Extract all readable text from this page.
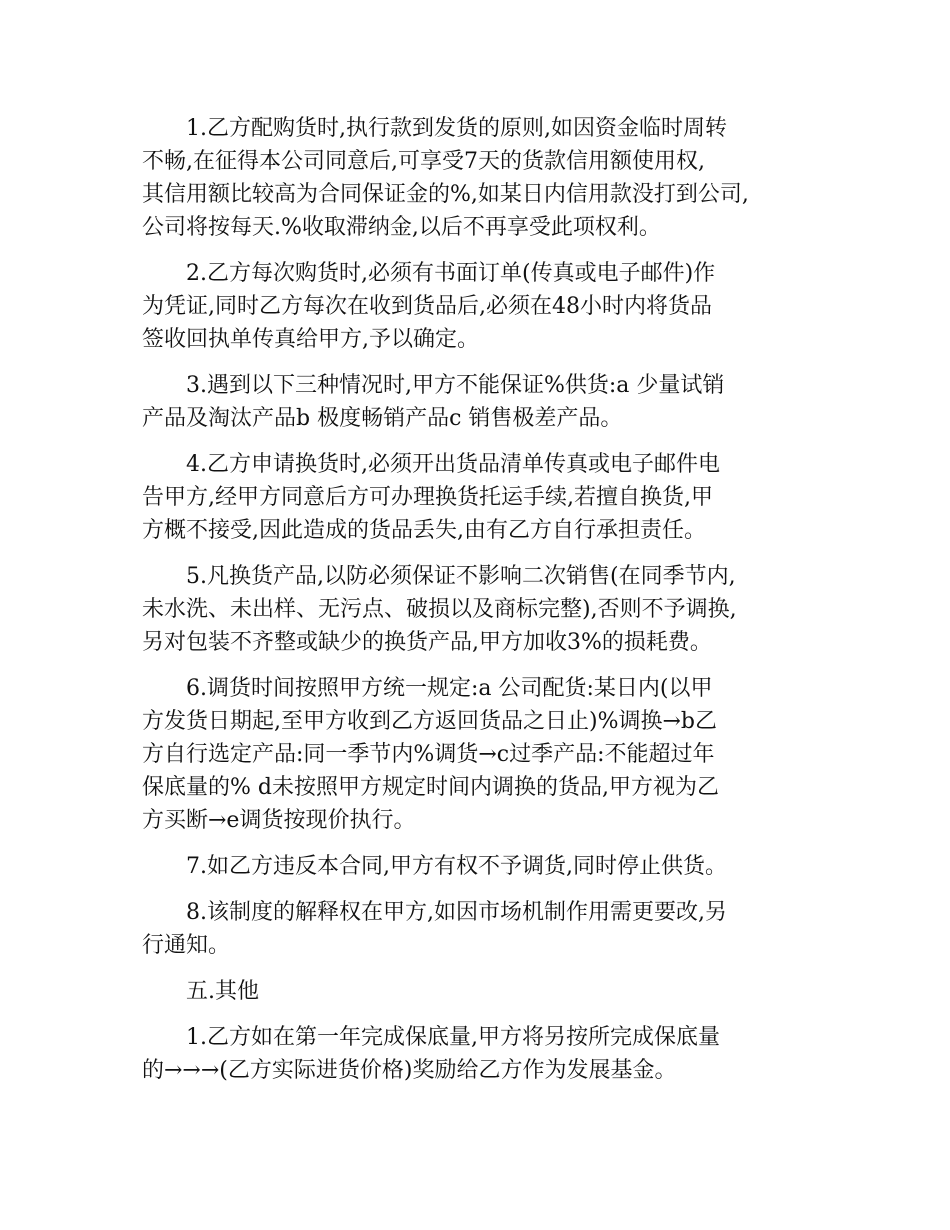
1.乙方配购货时,执行款到发货的原则,如因资金临时周转
不畅,在征得本公司同意后,可享受7天的货款信用额使用权,
其信用额比较高为合同保证金的%,如某日内信用款没打到公司,
公司将按每天.%收取滞纳金,以后不再享受此项权利。
2.乙方每次购货时,必须有书面订单(传真或电子邮件)作
为凭证,同时乙方每次在收到货品后,必须在48小时内将货品
签收回执单传真给甲方,予以确定。
3.遇到以下三种情况时,甲方不能保证%供货:a 少量试销
产品及淘汰产品b 极度畅销产品c 销售极差产品。
4.乙方申请换货时,必须开出货品清单传真或电子邮件电
告甲方,经甲方同意后方可办理换货托运手续,若擅自换货,甲
方概不接受,因此造成的货品丢失,由有乙方自行承担责任。
5.凡换货产品,以防必须保证不影响二次销售(在同季节内,
未水洗、未出样、无污点、破损以及商标完整),否则不予调换,
另对包装不齐整或缺少的换货产品,甲方加收3%的损耗费。
6.调货时间按照甲方统一规定:a 公司配货:某日内(以甲
方发货日期起,至甲方收到乙方返回货品之日止)%调换→b乙
方自行选定产品:同一季节内%调货→c过季产品:不能超过年
保底量的% d未按照甲方规定时间内调换的货品,甲方视为乙
方买断→e调货按现价执行。
7.如乙方违反本合同,甲方有权不予调货,同时停止供货。
8.该制度的解释权在甲方,如因市场机制作用需更要改,另
行通知。
五.其他
1.乙方如在第一年完成保底量,甲方将另按所完成保底量
的→→→(乙方实际进货价格)奖励给乙方作为发展基金。
